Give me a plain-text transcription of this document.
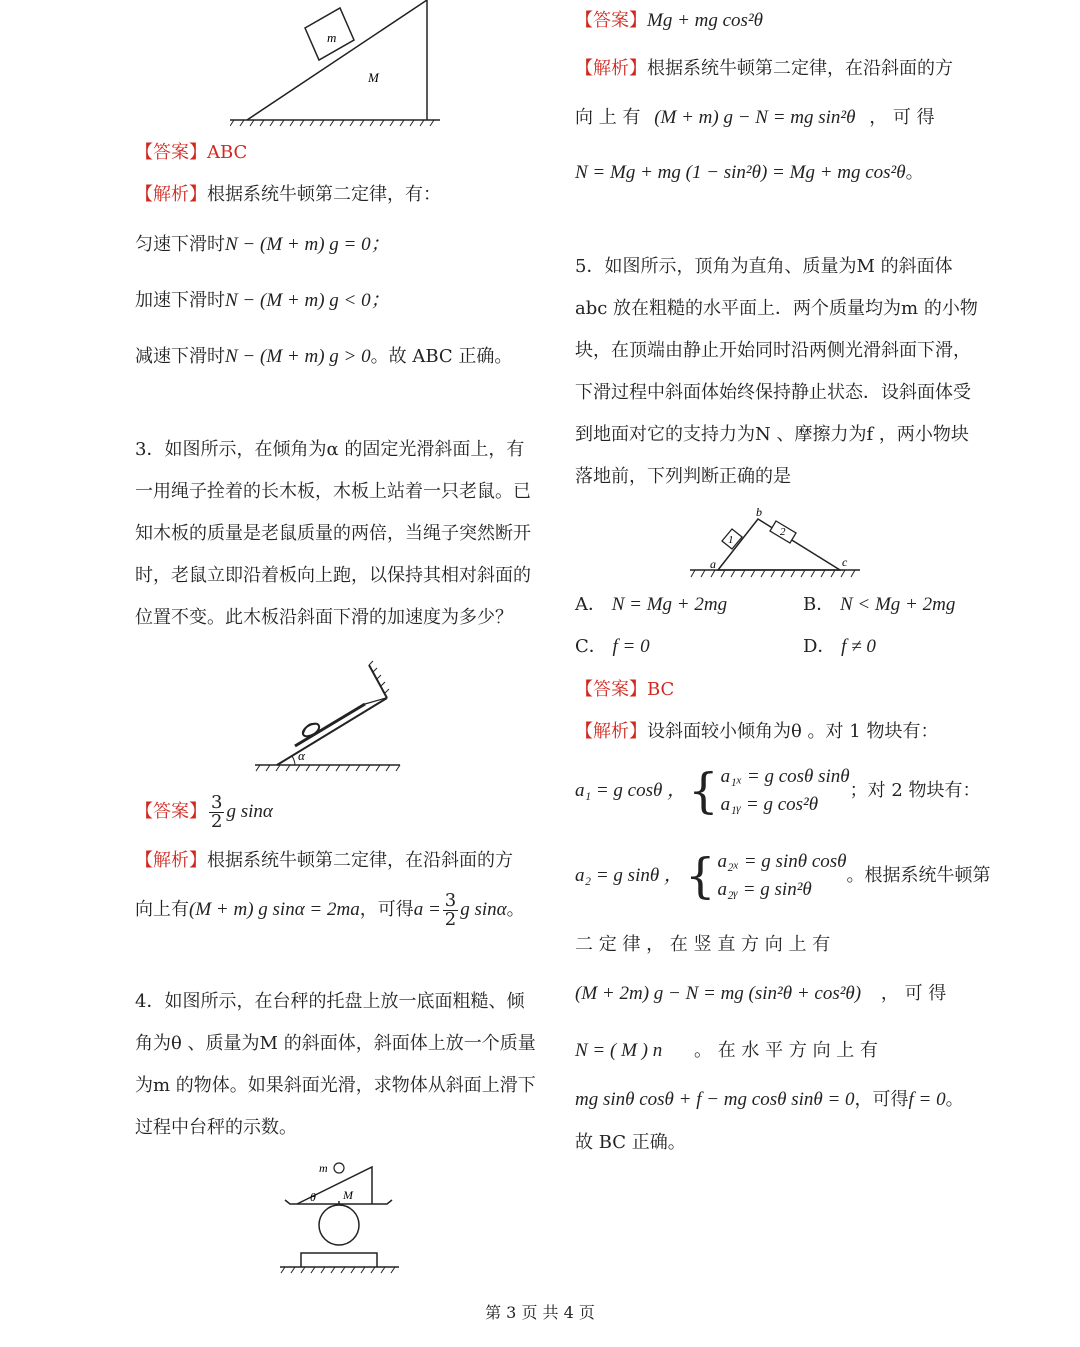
m
M
【答案】ABC
【解析】根据系统牛顿第二定律，有：
匀速下滑时N − (M + m) g = 0；
加速下滑时N − (M + m) g < 0；
减速下滑时N − (M + m) g > 0。故 ABC 正确。
3．如图所示，在倾角为α 的固定光滑斜面上，有一用绳子拴着的长木板，木板上站着一只老鼠。已知木板的质量是老鼠质量的两倍，当绳子突然断开时，老鼠立即沿着板向上跑，以保持其相对斜面的位置不变。此木板沿斜面下滑的加速度为多少？
α
【答案】 $\frac{3}{2}$ g sinα
【解析】根据系统牛顿第二定律，在沿斜面的方
向上有(M + m) g sinα = 2ma，可得$a = \frac{3}{2}$ g sinα。
4．如图所示，在台秤的托盘上放一底面粗糙、倾角为θ 、质量为M 的斜面体，斜面体上放一个质量为m 的物体。如果斜面光滑，求物体从斜面上滑下过程中台秤的示数。
m
θ M
【答案】Mg + mg cos²θ
【解析】根据系统牛顿第二定律，在沿斜面的方
向 上 有 (M + m) g − N = mg sin²θ ， 可 得
N = Mg + mg (1 − sin²θ) = Mg + mg cos²θ。
5．如图所示，顶角为直角、质量为M 的斜面体abc 放在粗糙的水平面上．两个质量均为m 的小物块，在顶端由静止开始同时沿两侧光滑斜面下滑，下滑过程中斜面体始终保持静止状态．设斜面体受到地面对它的支持力为N 、摩擦力为f ，两小物块落地前，下列判断正确的是
a
b
c
1
2
A． N = Mg + 2mg	B． N < Mg + 2mg
C． f = 0	D． f ≠ 0
【答案】BC
【解析】设斜面较小倾角为θ 。对 1 物块有：
a₁ = g cosθ ，{ a₁ₓ = g cosθ sinθ
a₁ᵧ = g cos²θ
；对 2 物块有：
a₂ = g sinθ ，{ a₂ₓ = g sinθ cosθ
a₂ᵧ = g sin²θ
。根据系统牛顿第
二 定 律 ， 在 竖 直 方 向 上 有
(M + 2m) g − N = mg (sin²θ + cos²θ) ， 可 得
N = ( M ) n 。 在 水 平 方 向 上 有
mg sinθ cosθ + f − mg cosθ sinθ = 0，可得f = 0。
故 BC 正确。
第 3 页 共 4 页
